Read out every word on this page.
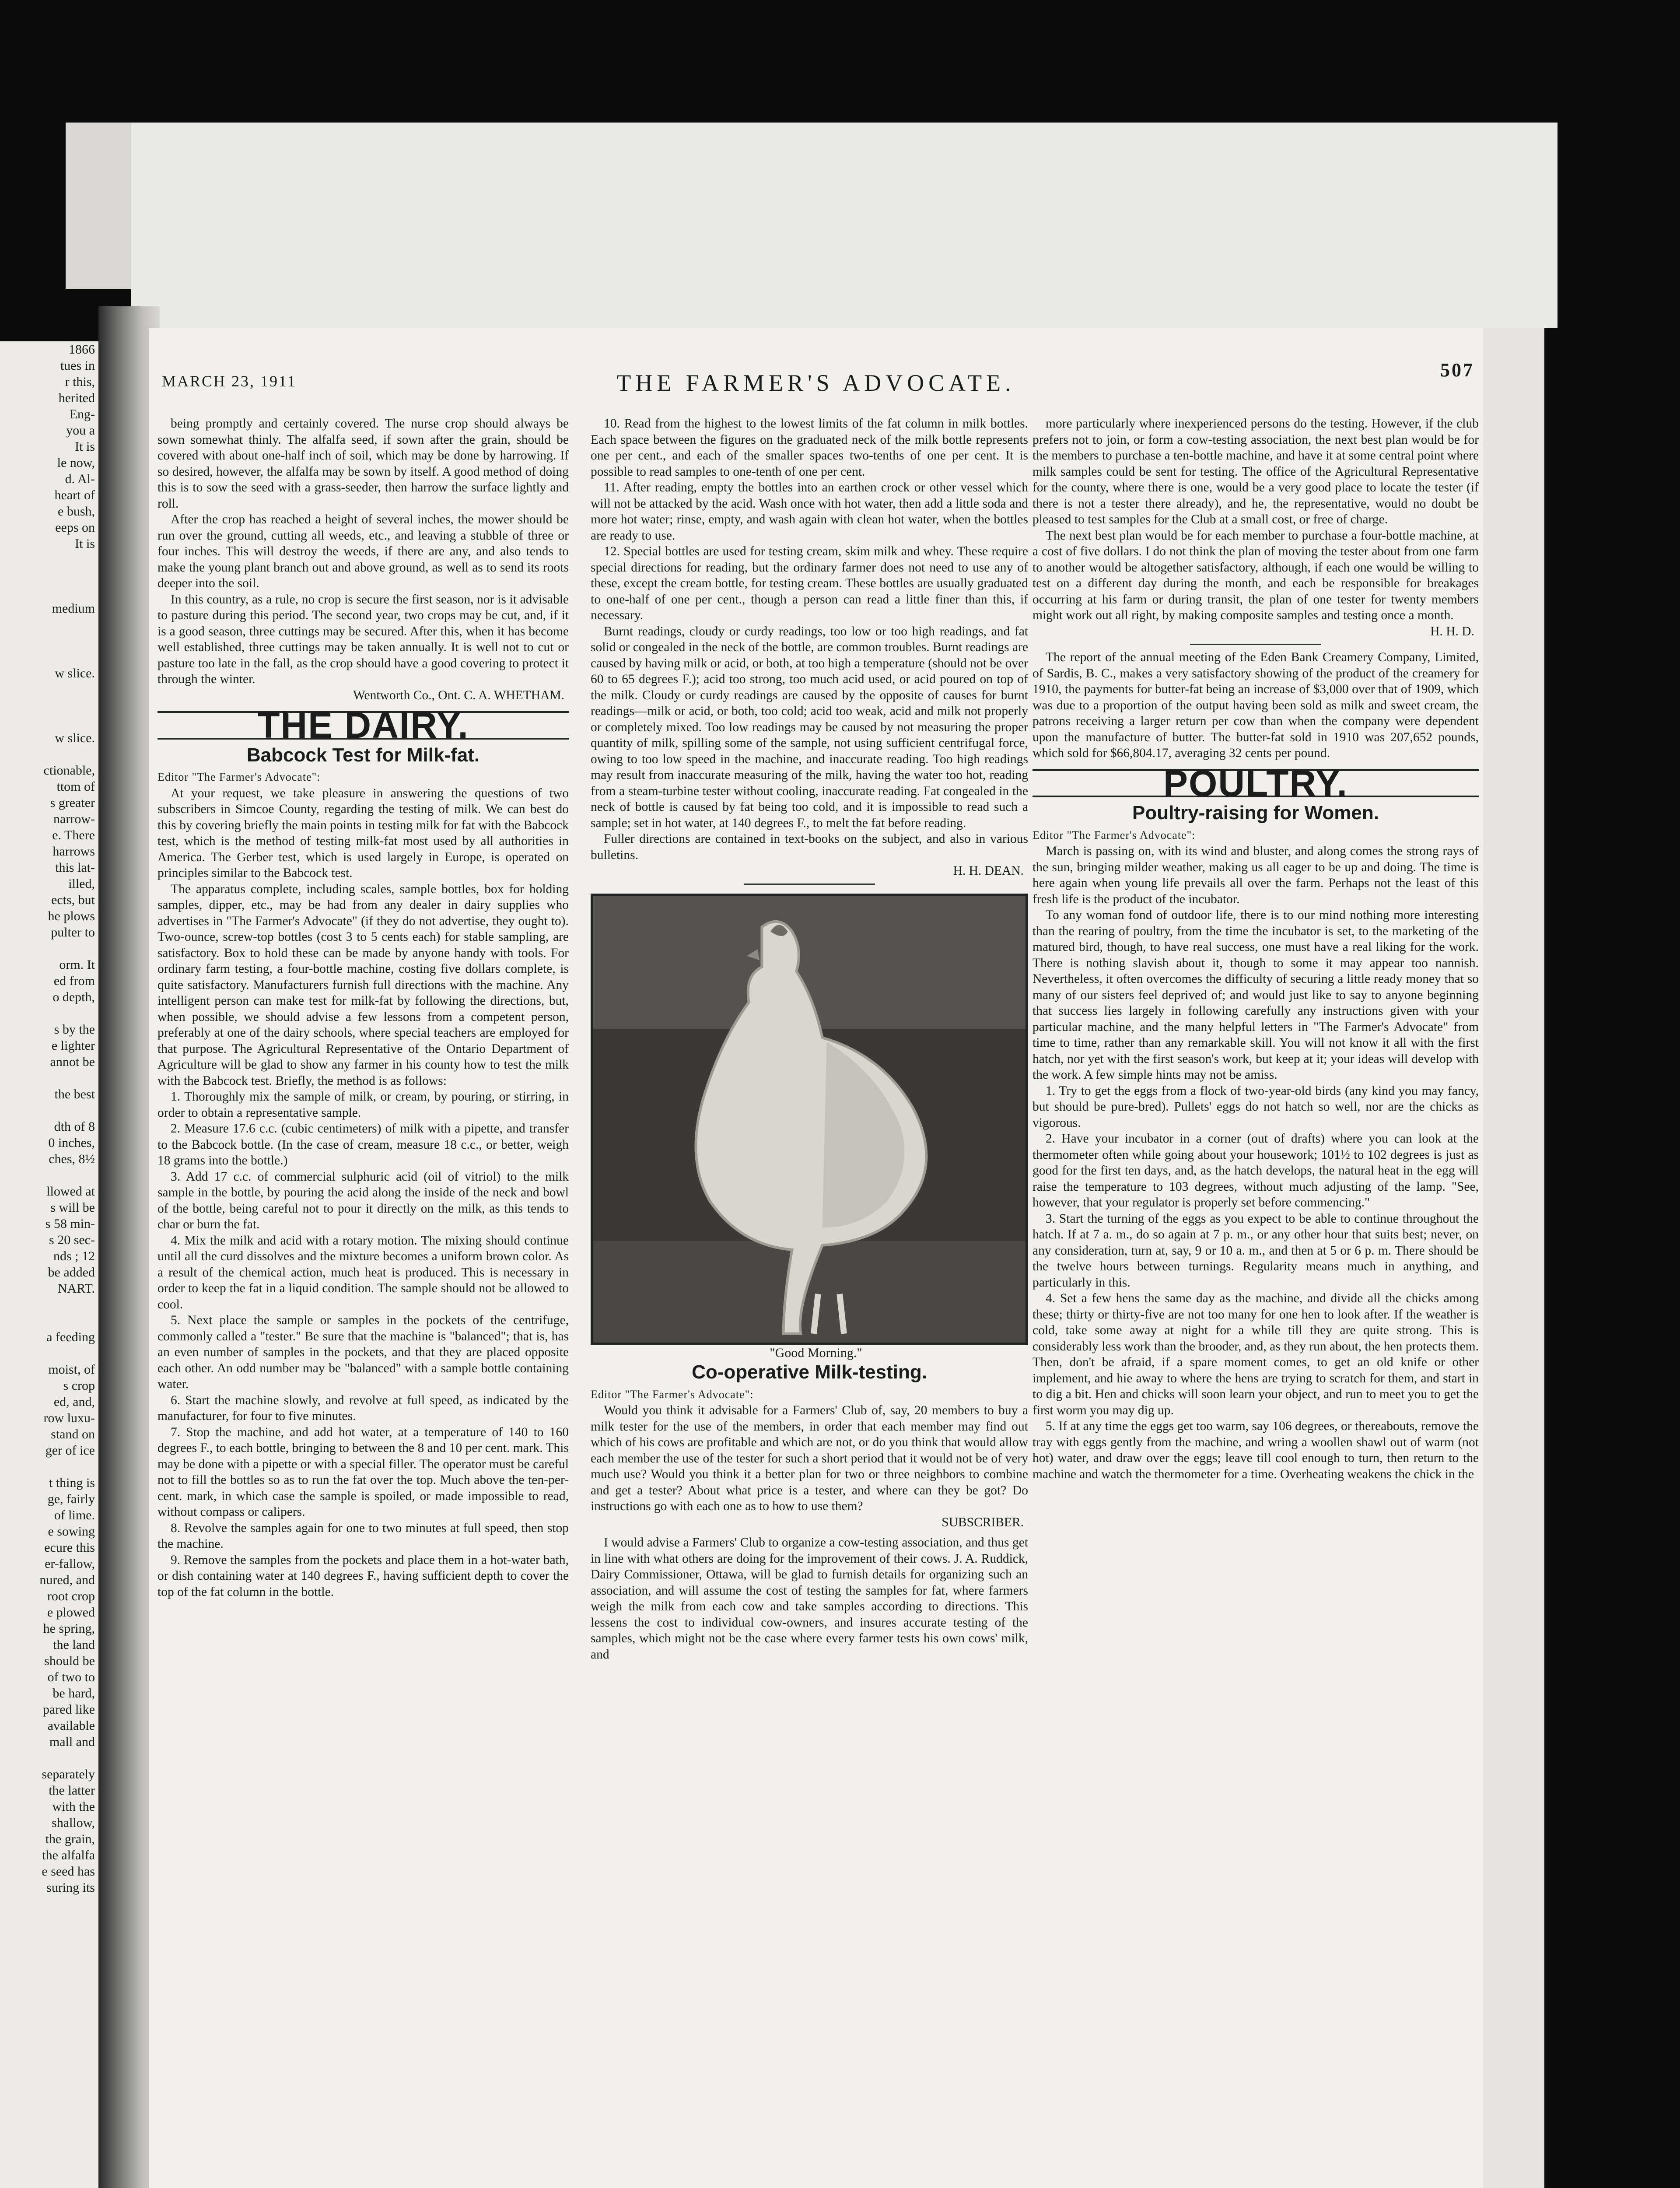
1866
tues in
r this,
herited
Eng-
you a
It is
le now,
d. Al-
heart of
e bush,
eeps on
It is

medium

w slice.

w slice.

ctionable,
ttom of
s greater
narrow-
e. There
harrows
this lat-
illed,
ects, but
he plows
pulter to

orm. It
ed from
o depth,

s by the
e lighter
annot be

the best

dth of 8
0 inches,
ches, 8½

llowed at
s will be
s 58 min-
s 20 sec-
nds ; 12
be added
NART.

a feeding

moist, of
s crop
ed, and,
row luxu-
stand on
ger of ice

t thing is
ge, fairly
of lime.
e sowing
ecure this
er-fallow,
nured, and
root crop
e plowed
he spring,
the land
should be
of two to
be hard,
pared like
available
mall and

separately
the latter
with the
shallow,
the grain,
the alfalfa
e seed has
suring its
MARCH 23, 1911	THE FARMER'S ADVOCATE.	507

being promptly and certainly covered. The nurse crop should always be sown somewhat thinly. The alfalfa seed, if sown after the grain, should be covered with about one-half inch of soil, which may be done by harrowing. If so desired, however, the alfalfa may be sown by itself. A good method of doing this is to sow the seed with a grass-seeder, then harrow the surface lightly and roll.

After the crop has reached a height of several inches, the mower should be run over the ground, cutting all weeds, etc., and leaving a stubble of three or four inches. This will destroy the weeds, if there are any, and also tends to make the young plant branch out and above ground, as well as to send its roots deeper into the soil.

In this country, as a rule, no crop is secure the first season, nor is it advisable to pasture during this period. The second year, two crops may be cut, and, if it is a good season, three cuttings may be secured. After this, when it has become well established, three cuttings may be taken annually. It is well not to cut or pasture too late in the fall, as the crop should have a good covering to protect it through the winter.

Wentworth Co., Ont. C. A. WHETHAM.

THE DAIRY.
Babcock Test for Milk-fat.

Editor "The Farmer's Advocate":

At your request, we take pleasure in answering the questions of two subscribers in Simcoe County, regarding the testing of milk. We can best do this by covering briefly the main points in testing milk for fat with the Babcock test, which is the method of testing milk-fat most used by all authorities in America. The Gerber test, which is used largely in Europe, is operated on principles similar to the Babcock test.

The apparatus complete, including scales, sample bottles, box for holding samples, dipper, etc., may be had from any dealer in dairy supplies who advertises in "The Farmer's Advocate" (if they do not advertise, they ought to). Two-ounce, screw-top bottles (cost 3 to 5 cents each) for stable sampling, are satisfactory. Box to hold these can be made by anyone handy with tools. For ordinary farm testing, a four-bottle machine, costing five dollars complete, is quite satisfactory. Manufacturers furnish full directions with the machine. Any intelligent person can make test for milk-fat by following the directions, but, when possible, we should advise a few lessons from a competent person, preferably at one of the dairy schools, where special teachers are employed for that purpose. The Agricultural Representative of the Ontario Department of Agriculture will be glad to show any farmer in his county how to test the milk with the Babcock test. Briefly, the method is as follows:

1. Thoroughly mix the sample of milk, or cream, by pouring, or stirring, in order to obtain a representative sample.

2. Measure 17.6 c.c. (cubic centimeters) of milk with a pipette, and transfer to the Babcock bottle. (In the case of cream, measure 18 c.c., or better, weigh 18 grams into the bottle.)

3. Add 17 c.c. of commercial sulphuric acid (oil of vitriol) to the milk sample in the bottle, by pouring the acid along the inside of the neck and bowl of the bottle, being careful not to pour it directly on the milk, as this tends to char or burn the fat.

4. Mix the milk and acid with a rotary motion. The mixing should continue until all the curd dissolves and the mixture becomes a uniform brown color. As a result of the chemical action, much heat is produced. This is necessary in order to keep the fat in a liquid condition. The sample should not be allowed to cool.

5. Next place the sample or samples in the pockets of the centrifuge, commonly called a "tester." Be sure that the machine is "balanced"; that is, has an even number of samples in the pockets, and that they are placed opposite each other. An odd number may be "balanced" with a sample bottle containing water.

6. Start the machine slowly, and revolve at full speed, as indicated by the manufacturer, for four to five minutes.

7. Stop the machine, and add hot water, at a temperature of 140 to 160 degrees F., to each bottle, bringing to between the 8 and 10 per cent. mark. This may be done with a pipette or with a special filler. The operator must be careful not to fill the bottles so as to run the fat over the top. Much above the ten-per-cent. mark, in which case the sample is spoiled, or made impossible to read, without compass or calipers.

8. Revolve the samples again for one to two minutes at full speed, then stop the machine.

9. Remove the samples from the pockets and place them in a hot-water bath, or dish containing water at 140 degrees F., having sufficient depth to cover the top of the fat column in the bottle.

10. Read from the highest to the lowest limits of the fat column in milk bottles. Each space between the figures on the graduated neck of the milk bottle represents one per cent., and each of the smaller spaces two-tenths of one per cent. It is possible to read samples to one-tenth of one per cent.

11. After reading, empty the bottles into an earthen crock or other vessel which will not be attacked by the acid. Wash once with hot water, then add a little soda and more hot water; rinse, empty, and wash again with clean hot water, when the bottles are ready to use.

12. Special bottles are used for testing cream, skim milk and whey. These require special directions for reading, but the ordinary farmer does not need to use any of these, except the cream bottle, for testing cream. These bottles are usually graduated to one-half of one per cent., though a person can read a little finer than this, if necessary.

Burnt readings, cloudy or curdy readings, too low or too high readings, and fat solid or congealed in the neck of the bottle, are common troubles. Burnt readings are caused by having milk or acid, or both, at too high a temperature (should not be over 60 to 65 degrees F.); acid too strong, too much acid used, or acid poured on top of the milk. Cloudy or curdy readings are caused by the opposite of causes for burnt readings—milk or acid, or both, too cold; acid too weak, acid and milk not properly or completely mixed. Too low readings may be caused by not measuring the proper quantity of milk, spilling some of the sample, not using sufficient centrifugal force, owing to too low speed in the machine, and inaccurate reading. Too high readings may result from inaccurate measuring of the milk, having the water too hot, reading from a steam-turbine tester without cooling, inaccurate reading. Fat congealed in the neck of bottle is caused by fat being too cold, and it is impossible to read such a sample; set in hot water, at 140 degrees F., to melt the fat before reading.

Fuller directions are contained in text-books on the subject, and also in various bulletins.

H. H. DEAN.

"Good Morning."

Co-operative Milk-testing.

Editor "The Farmer's Advocate":

Would you think it advisable for a Farmers' Club of, say, 20 members to buy a milk tester for the use of the members, in order that each member may find out which of his cows are profitable and which are not, or do you think that would allow each member the use of the tester for such a short period that it would not be of very much use? Would you think it a better plan for two or three neighbors to combine and get a tester? About what price is a tester, and where can they be got? Do instructions go with each one as to how to use them?

SUBSCRIBER.

I would advise a Farmers' Club to organize a cow-testing association, and thus get in line with what others are doing for the improvement of their cows. J. A. Ruddick, Dairy Commissioner, Ottawa, will be glad to furnish details for organizing such an association, and will assume the cost of testing the samples for fat, where farmers weigh the milk from each cow and take samples according to directions. This lessens the cost to individual cow-owners, and insures accurate testing of the samples, which might not be the case where every farmer tests his own cows' milk, and

more particularly where inexperienced persons do the testing. However, if the club prefers not to join, or form a cow-testing association, the next best plan would be for the members to purchase a ten-bottle machine, and have it at some central point where milk samples could be sent for testing. The office of the Agricultural Representative for the county, where there is one, would be a very good place to locate the tester (if there is not a tester there already), and he, the representative, would no doubt be pleased to test samples for the Club at a small cost, or free of charge.

The next best plan would be for each member to purchase a four-bottle machine, at a cost of five dollars. I do not think the plan of moving the tester about from one farm to another would be altogether satisfactory, although, if each one would be willing to test on a different day during the month, and each be responsible for breakages occurring at his farm or during transit, the plan of one tester for twenty members might work out all right, by making composite samples and testing once a month.

H. H. D.

The report of the annual meeting of the Eden Bank Creamery Company, Limited, of Sardis, B. C., makes a very satisfactory showing of the product of the creamery for 1910, the payments for butter-fat being an increase of $3,000 over that of 1909, which was due to a proportion of the output having been sold as milk and sweet cream, the patrons receiving a larger return per cow than when the company were dependent upon the manufacture of butter. The butter-fat sold in 1910 was 207,652 pounds, which sold for $66,804.17, averaging 32 cents per pound.

POULTRY.
Poultry-raising for Women.

Editor "The Farmer's Advocate":

March is passing on, with its wind and bluster, and along comes the strong rays of the sun, bringing milder weather, making us all eager to be up and doing. The time is here again when young life prevails all over the farm. Perhaps not the least of this fresh life is the product of the incubator.

To any woman fond of outdoor life, there is to our mind nothing more interesting than the rearing of poultry, from the time the incubator is set, to the marketing of the matured bird, though, to have real success, one must have a real liking for the work. There is nothing slavish about it, though to some it may appear too nannish. Nevertheless, it often overcomes the difficulty of securing a little ready money that so many of our sisters feel deprived of; and would just like to say to anyone beginning that success lies largely in following carefully any instructions given with your particular machine, and the many helpful letters in "The Farmer's Advocate" from time to time, rather than any remarkable skill. You will not know it all with the first hatch, nor yet with the first season's work, but keep at it; your ideas will develop with the work. A few simple hints may not be amiss.

1. Try to get the eggs from a flock of two-year-old birds (any kind you may fancy, but should be pure-bred). Pullets' eggs do not hatch so well, nor are the chicks as vigorous.

2. Have your incubator in a corner (out of drafts) where you can look at the thermometer often while going about your housework; 101½ to 102 degrees is just as good for the first ten days, and, as the hatch develops, the natural heat in the egg will raise the temperature to 103 degrees, without much adjusting of the lamp. "See, however, that your regulator is properly set before commencing."

3. Start the turning of the eggs as you expect to be able to continue throughout the hatch. If at 7 a. m., do so again at 7 p. m., or any other hour that suits best; never, on any consideration, turn at, say, 9 or 10 a. m., and then at 5 or 6 p. m. There should be the twelve hours between turnings. Regularity means much in anything, and particularly in this.

4. Set a few hens the same day as the machine, and divide all the chicks among these; thirty or thirty-five are not too many for one hen to look after. If the weather is cold, take some away at night for a while till they are quite strong. This is considerably less work than the brooder, and, as they run about, the hen protects them. Then, don't be afraid, if a spare moment comes, to get an old knife or other implement, and hie away to where the hens are trying to scratch for them, and start in to dig a bit. Hen and chicks will soon learn your object, and run to meet you to get the first worm you may dig up.

5. If at any time the eggs get too warm, say 106 degrees, or thereabouts, remove the tray with eggs gently from the machine, and wring a woollen shawl out of warm (not hot) water, and draw over the eggs; leave till cool enough to turn, then return to the machine and watch the thermometer for a time. Overheating weakens the chick in the
